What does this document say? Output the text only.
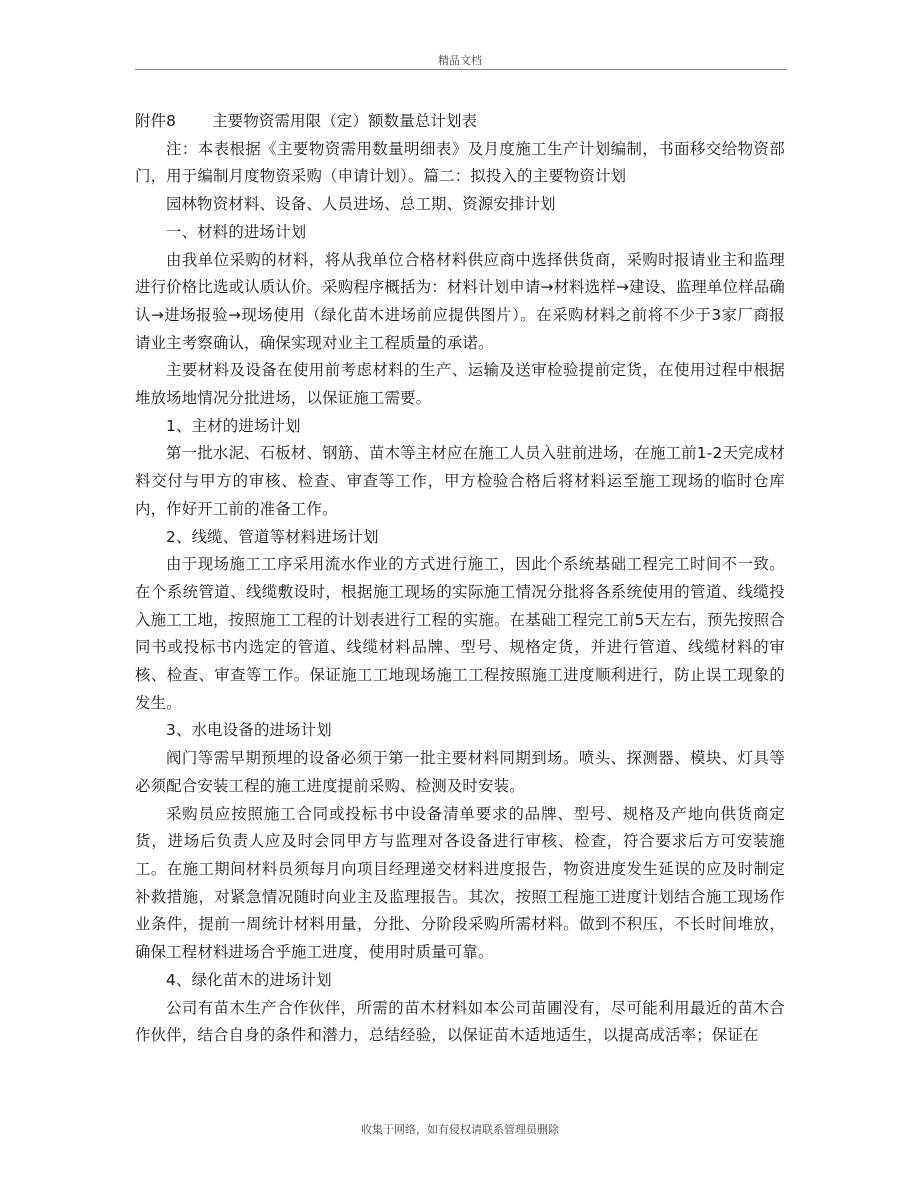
精品文档

附件8 主要物资需用限（定）额数量总计划表

注：本表根据《主要物资需用数量明细表》及月度施工生产计划编制，书面移交给物资部门，用于编制月度物资采购（申请计划）。篇二：拟投入的主要物资计划

园林物资材料、设备、人员进场、总工期、资源安排计划

一、材料的进场计划

由我单位采购的材料，将从我单位合格材料供应商中选择供货商，采购时报请业主和监理进行价格比选或认质认价。采购程序概括为：材料计划申请→材料选样→建设、监理单位样品确认→进场报验→现场使用（绿化苗木进场前应提供图片）。在采购材料之前将不少于3家厂商报请业主考察确认，确保实现对业主工程质量的承诺。

主要材料及设备在使用前考虑材料的生产、运输及送审检验提前定货，在使用过程中根据堆放场地情况分批进场，以保证施工需要。

1、主材的进场计划

第一批水泥、石板材、钢筋、苗木等主材应在施工人员入驻前进场，在施工前1-2天完成材料交付与甲方的审核、检查、审查等工作，甲方检验合格后将材料运至施工现场的临时仓库内，作好开工前的准备工作。

2、线缆、管道等材料进场计划

由于现场施工工序采用流水作业的方式进行施工，因此个系统基础工程完工时间不一致。在个系统管道、线缆敷设时，根据施工现场的实际施工情况分批将各系统使用的管道、线缆投入施工工地，按照施工工程的计划表进行工程的实施。在基础工程完工前5天左右，预先按照合同书或投标书内选定的管道、线缆材料品牌、型号、规格定货，并进行管道、线缆材料的审核、检查、审查等工作。保证施工工地现场施工工程按照施工进度顺利进行，防止误工现象的发生。

3、水电设备的进场计划

阀门等需早期预埋的设备必须于第一批主要材料同期到场。喷头、探测器、模块、灯具等必须配合安装工程的施工进度提前采购、检测及时安装。

采购员应按照施工合同或投标书中设备清单要求的品牌、型号、规格及产地向供货商定货，进场后负责人应及时会同甲方与监理对各设备进行审核、检查，符合要求后方可安装施工。在施工期间材料员须每月向项目经理递交材料进度报告，物资进度发生延误的应及时制定补救措施，对紧急情况随时向业主及监理报告。其次，按照工程施工进度计划结合施工现场作业条件，提前一周统计材料用量，分批、分阶段采购所需材料。做到不积压，不长时间堆放，确保工程材料进场合乎施工进度，使用时质量可靠。

4、绿化苗木的进场计划

公司有苗木生产合作伙伴，所需的苗木材料如本公司苗圃没有，尽可能利用最近的苗木合作伙伴，结合自身的条件和潜力，总结经验，以保证苗木适地适生，以提高成活率；保证在

收集于网络，如有侵权请联系管理员删除
